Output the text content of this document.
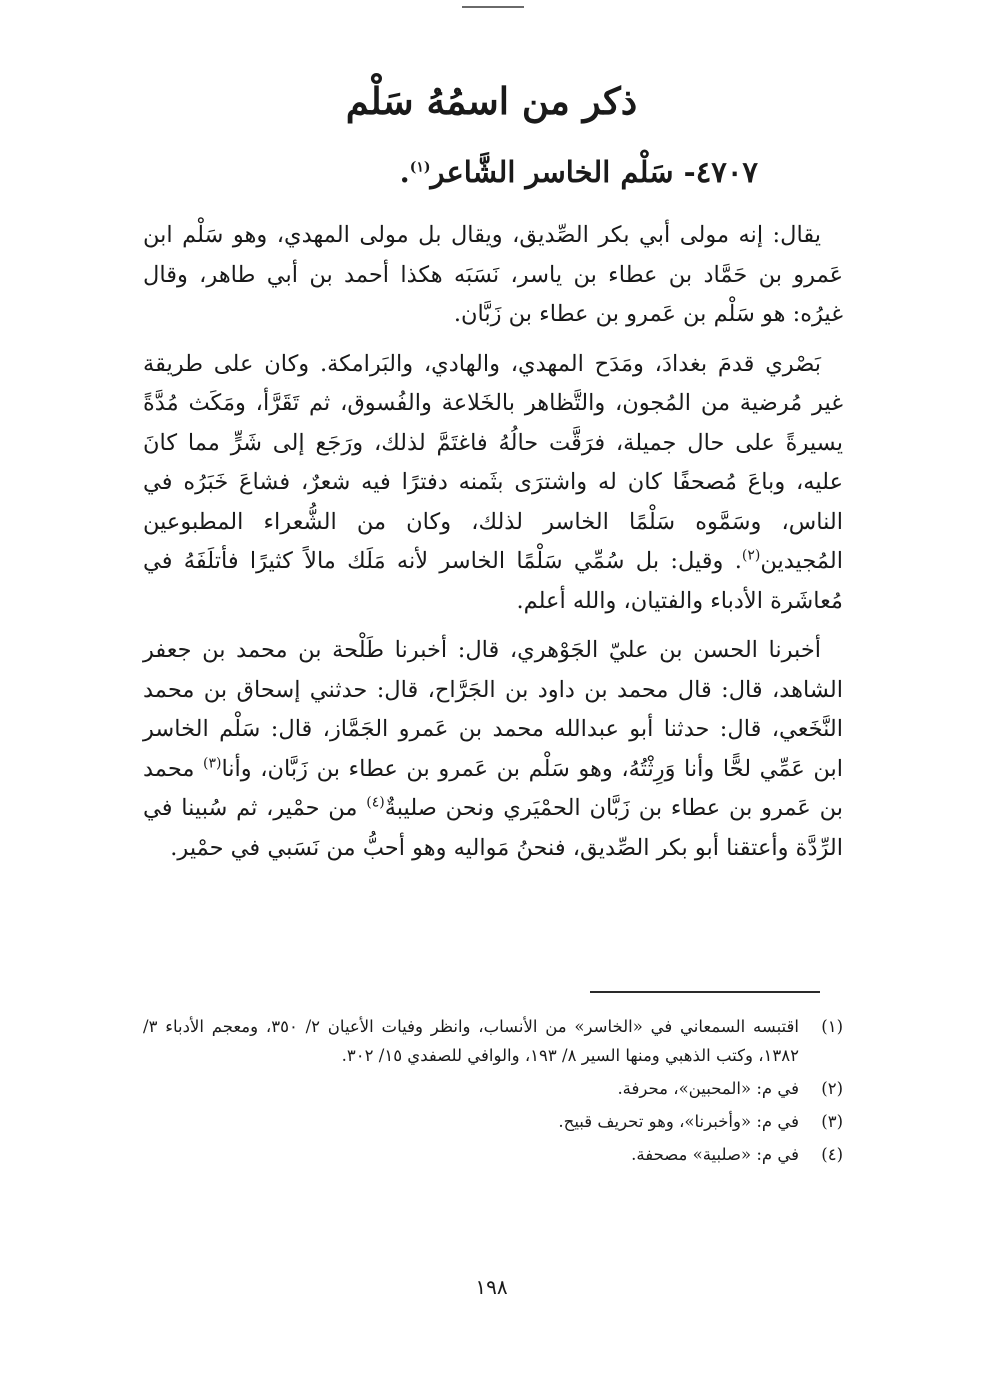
ذكر من اسمُهُ سَلْم
٤٧٠٧- سَلْم الخاسر الشَّاعر$^{(١)}$.

يقال: إنه مولى أبي بكر الصِّديق، ويقال بل مولى المهدي، وهو سَلْم ابن عَمرو بن حَمَّاد بن عطاء بن ياسر، نَسَبَه هكذا أحمد بن أبي طاهر، وقال غيرُه: هو سَلْم بن عَمرو بن عطاء بن زَبَّان.

بَصْري قدمَ بغدادَ، ومَدَح المهدي، والهادي، والبَرامكة. وكان على طريقة غير مُرضية من المُجون، والتَّظاهر بالخَلاعة والفُسوق، ثم تَقَرَّأ، ومَكَث مُدَّةً يسيرةً على حال جميلة، فرَقَّت حالُهُ فاغتَمَّ لذلك، ورَجَع إلى شَرٍّ مما كانَ عليه، وباعَ مُصحفًا كان له واشترَى بثَمنه دفترًا فيه شعرٌ، فشاعَ خَبَرُه في الناس، وسَمَّوه سَلْمًا الخاسر لذلك، وكان من الشُّعراء المطبوعين المُجيدين$^{(٢)}$. وقيل: بل سُمِّي سَلْمًا الخاسر لأنه مَلَك مالاً كثيرًا فأتلَفَهُ في مُعاشَرة الأدباء والفتيان، والله أعلم.

أخبرنا الحسن بن عليّ الجَوْهري، قال: أخبرنا طَلْحة بن محمد بن جعفر الشاهد، قال: قال محمد بن داود بن الجَرَّاح، قال: حدثني إسحاق بن محمد النَّخَعي، قال: حدثنا أبو عبدالله محمد بن عَمرو الجَمَّاز، قال: سَلْم الخاسر ابن عَمِّي لحًّا وأنا وَرِثْتُهُ، وهو سَلْم بن عَمرو بن عطاء بن زَبَّان، وأنا$^{(٣)}$ محمد بن عَمرو بن عطاء بن زَبَّان الحمْيَري ونحن صليبةٌ$^{(٤)}$ من حمْير، ثم سُبينا في الرِّدَّة وأعتقنا أبو بكر الصِّديق، فنحنُ مَواليه وهو أحبُّ من نَسَبي في حمْير.

(١)
اقتبسه السمعاني في «الخاسر» من الأنساب، وانظر وفيات الأعيان ٢/ ٣٥٠، ومعجم الأدباء ٣/ ١٣٨٢، وكتب الذهبي ومنها السير ٨/ ١٩٣، والوافي للصفدي ١٥/ ٣٠٢.
(٢)
في م: «المحبين»، محرفة.
(٣)
في م: «وأخبرنا»، وهو تحريف قبيح.
(٤)
في م: «صلبية» مصحفة.
١٩٨
